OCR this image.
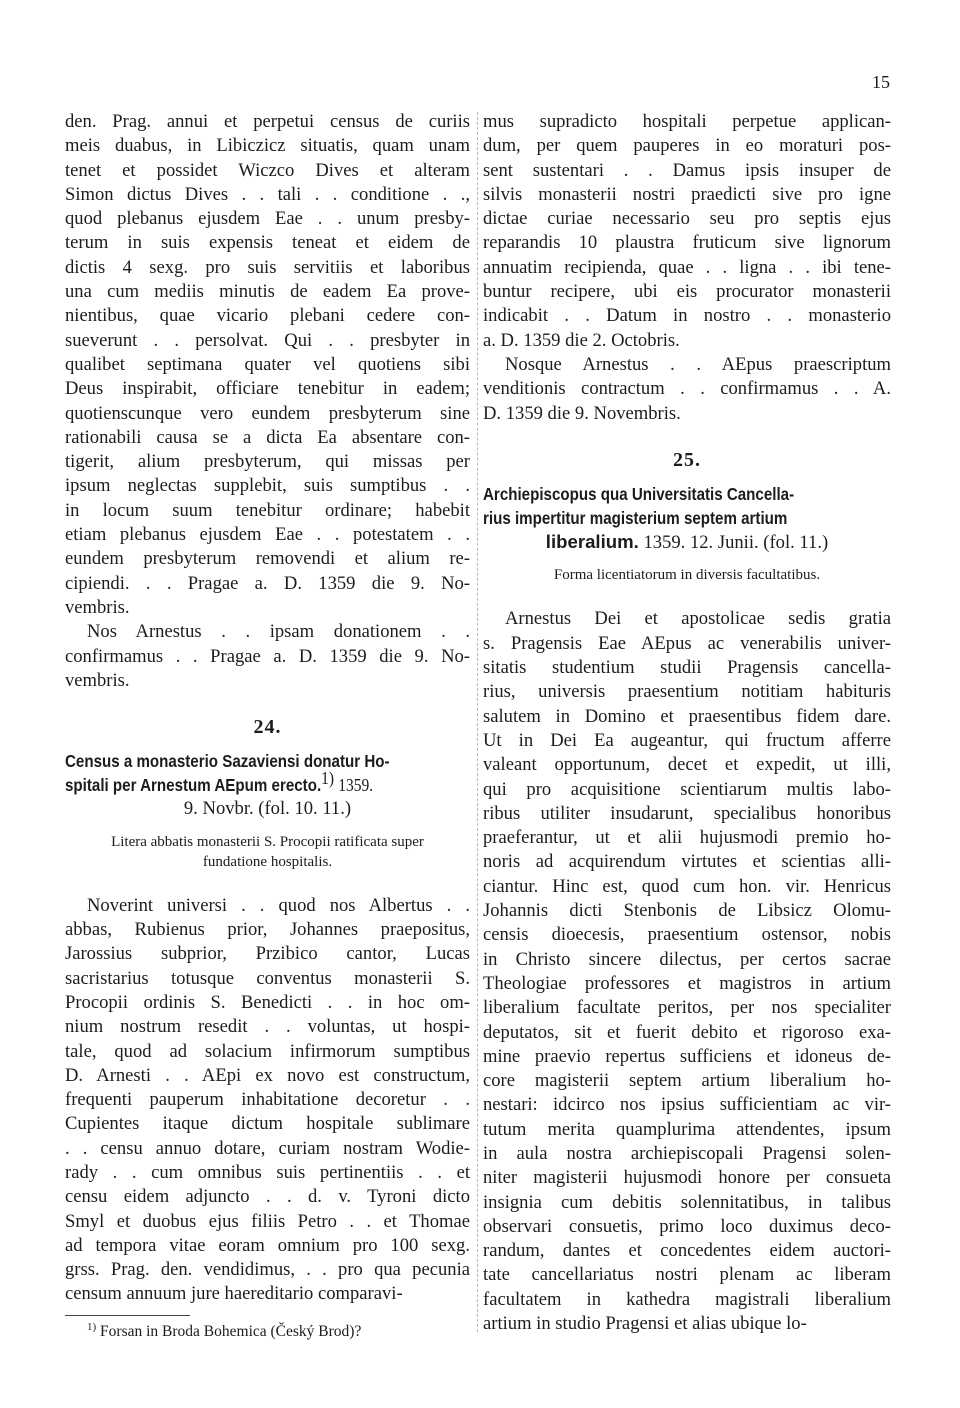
15
den. Prag. annui et perpetui census de curiis
meis duabus, in Libiczicz situatis, quam unam
tenet et possidet Wiczco Dives et alteram
Simon dictus Dives . . tali . . conditione . .,
quod plebanus ejusdem Eae . . unum presby-
terum in suis expensis teneat et eidem de
dictis 4 sexg. pro suis servitiis et laboribus
una cum mediis minutis de eadem Ea prove-
nientibus, quae vicario plebani cedere con-
sueverunt . . persolvat. Qui . . presbyter in
qualibet septimana quater vel quotiens sibi
Deus inspirabit, officiare tenebitur in eadem;
quotienscunque vero eundem presbyterum sine
rationabili causa se a dicta Ea absentare con-
tigerit, alium presbyterum, qui missas per
ipsum neglectas supplebit, suis sumptibus . .
in locum suum tenebitur ordinare; habebit
etiam plebanus ejusdem Eae . . potestatem . .
eundem presbyterum removendi et alium re-
cipiendi. . . Pragae a. D. 1359 die 9. No-
vembris.
Nos Arnestus . . ipsam donationem . .
confirmamus . . Pragae a. D. 1359 die 9. No-
vembris.
24.
Census a monasterio Sazaviensi donatur Ho-
spitali per Arnestum AEpum erecto.$^{1)}$ 1359.
9. Novbr. (fol. 10. 11.)
Litera abbatis monasterii S. Procopii ratificata super
fundatione hospitalis.
Noverint universi . . quod nos Albertus . .
abbas, Rubienus prior, Johannes praepositus,
Jarossius subprior, Przibico cantor, Lucas
sacristarius totusque conventus monasterii S.
Procopii ordinis S. Benedicti . . in hoc om-
nium nostrum resedit . . voluntas, ut hospi-
tale, quod ad solacium infirmorum sumptibus
D. Arnesti . . AEpi ex novo est constructum,
frequenti pauperum inhabitatione decoretur . .
Cupientes itaque dictum hospitale sublimare
. . censu annuo dotare, curiam nostram Wodie-
rady . . cum omnibus suis pertinentiis . . et
censu eidem adjuncto . . d. v. Tyroni dicto
Smyl et duobus ejus filiis Petro . . et Thomae
ad tempora vitae eoram omnium pro 100 sexg.
grss. Prag. den. vendidimus, . . pro qua pecunia
censum annuum jure haereditario comparavi-
$^{1)}$ Forsan in Broda Bohemica (Český Brod)?
mus supradicto hospitali perpetue applican-
dum, per quem pauperes in eo moraturi pos-
sent sustentari . . Damus ipsis insuper de
silvis monasterii nostri praedicti sive pro igne
dictae curiae necessario seu pro septis ejus
reparandis 10 plaustra fruticum sive lignorum
annuatim recipienda, quae . . ligna . . ibi tene-
buntur recipere, ubi eis procurator monasterii
indicabit . . Datum in nostro . . monasterio
a. D. 1359 die 2. Octobris.
Nosque Arnestus . . AEpus praescriptum
venditionis contractum . . confirmamus . . A.
D. 1359 die 9. Novembris.
25.
Archiepiscopus qua Universitatis Cancella-
rius impertitur magisterium septem artium
liberalium. 1359. 12. Junii. (fol. 11.)
Forma licentiatorum in diversis facultatibus.
Arnestus Dei et apostolicae sedis gratia
s. Pragensis Eae AEpus ac venerabilis univer-
sitatis studentium studii Pragensis cancella-
rius, universis praesentium notitiam habituris
salutem in Domino et praesentibus fidem dare.
Ut in Dei Ea augeantur, qui fructum afferre
valeant opportunum, decet et expedit, ut illi,
qui pro acquisitione scientiarum multis labo-
ribus utiliter insudarunt, specialibus honoribus
praeferantur, ut et alii hujusmodi premio ho-
noris ad acquirendum virtutes et scientias alli-
ciantur. Hinc est, quod cum hon. vir. Henricus
Johannis dicti Stenbonis de Libsicz Olomu-
censis dioecesis, praesentium ostensor, nobis
in Christo sincere dilectus, per certos sacrae
Theologiae professores et magistros in artium
liberalium facultate peritos, per nos specialiter
deputatos, sit et fuerit debito et rigoroso exa-
mine praevio repertus sufficiens et idoneus de-
core magisterii septem artium liberalium ho-
nestari: idcirco nos ipsius sufficientiam ac vir-
tutum merita quamplurima attendentes, ipsum
in aula nostra archiepiscopali Pragensi solen-
niter magisterii hujusmodi honore per consueta
insignia cum debitis solennitatibus, in talibus
observari consuetis, primo loco duximus deco-
randum, dantes et concedentes eidem auctori-
tate cancellariatus nostri plenam ac liberam
facultatem in kathedra magistrali liberalium
artium in studio Pragensi et alias ubique lo-
